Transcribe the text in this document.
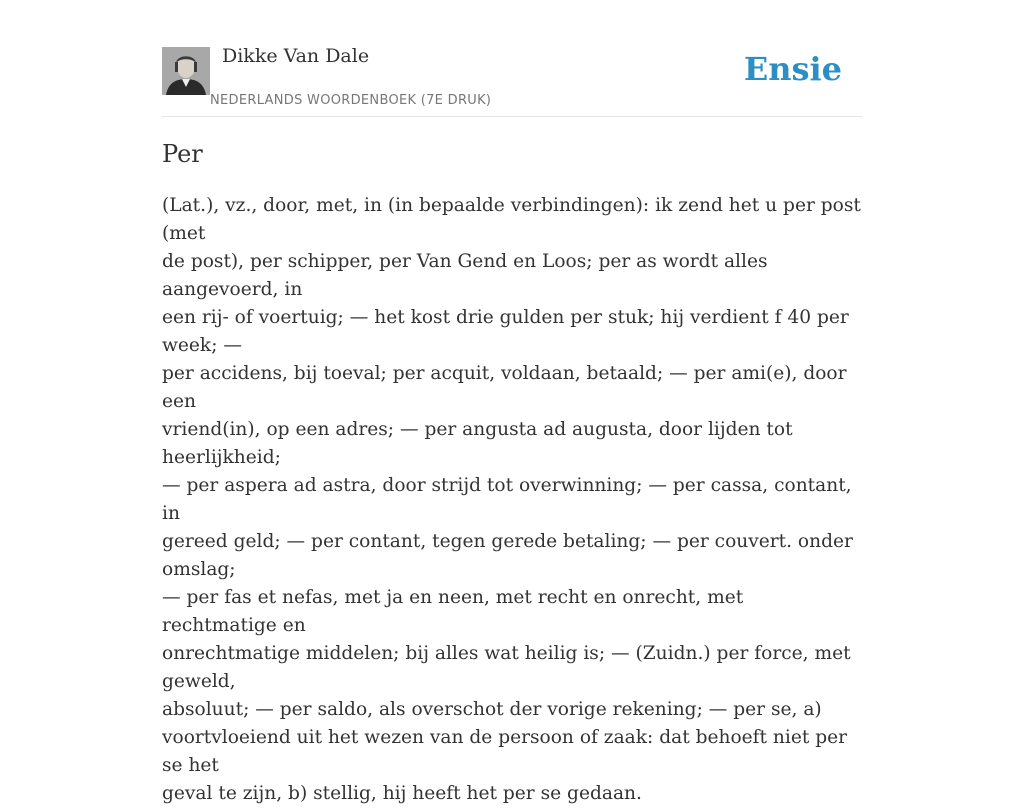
Dikke Van Dale
NEDERLANDS WOORDENBOEK (7E DRUK)
Ensie
Per

(Lat.), vz., door, met, in (in bepaalde verbindingen): ik zend het u per post (met
de post), per schipper, per Van Gend en Loos; per as wordt alles aangevoerd, in
een rij- of voertuig; — het kost drie gulden per stuk; hij verdient f 40 per week; —
per accidens, bij toeval; per acquit, voldaan, betaald; — per ami(e), door een
vriend(in), op een adres; — per angusta ad augusta, door lijden tot heerlijkheid;
— per aspera ad astra, door strijd tot overwinning; — per cassa, contant, in
gereed geld; — per contant, tegen gerede betaling; — per couvert. onder omslag;
— per fas et nefas, met ja en neen, met recht en onrecht, met rechtmatige en
onrechtmatige middelen; bij alles wat heilig is; — (Zuidn.) per force, met geweld,
absoluut; — per saldo, als overschot der vorige rekening; — per se, a)
voortvloeiend uit het wezen van de persoon of zaak: dat behoeft niet per se het
geval te zijn, b) stellig, hij heeft het per se gedaan.
